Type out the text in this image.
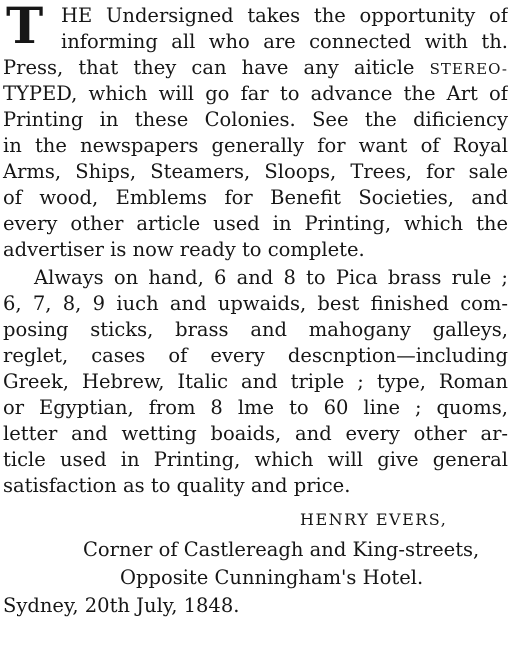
T HE Undersigned takes the opportunity of
informing all who are connected with th.
Press, that they can have any aiticle STEREO-
TYPED, which will go far to advance the Art of
Printing in these Colonies. See the dificiency
in the newspapers generally for want of Royal
Arms, Ships, Steamers, Sloops, Trees, for sale
of wood, Emblems for Benefit Societies, and
every other article used in Printing, which the
advertiser is now ready to complete.
Always on hand, 6 and 8 to Pica brass rule ;
6, 7, 8, 9 iuch and upwaids, best finished com-
posing sticks, brass and mahogany galleys,
reglet, cases of every descnption—including
Greek, Hebrew, Italic and triple ; type, Roman
or Egyptian, from 8 lme to 60 line ; quoms,
letter and wetting boaids, and every other ar-
ticle used in Printing, which will give general
satisfaction as to quality and price.
HENRY EVERS,
Corner of Castlereagh and King-streets,
Opposite Cunningham's Hotel.
Sydney, 20th July, 1848.
